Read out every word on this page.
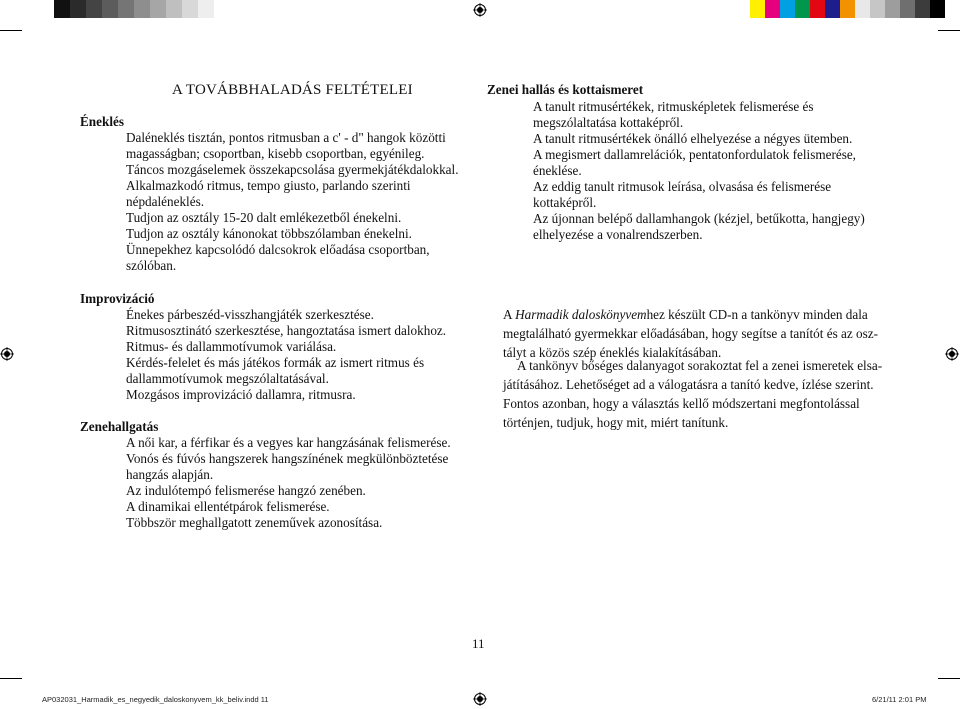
A TOVÁBBHALADÁS FELTÉTELEI
Éneklés
Daléneklés tisztán, pontos ritmusban a c' - d" hangok közötti
magasságban; csoportban, kisebb csoportban, egyénileg.
Táncos mozgáselemek összekapcsolása gyermekjátékdalokkal.
Alkalmazkodó ritmus, tempo giusto, parlando szerinti
népdaléneklés.
Tudjon az osztály 15-20 dalt emlékezetből énekelni.
Tudjon az osztály kánonokat többszólamban énekelni.
Ünnepekhez kapcsolódó dalcsokrok előadása csoportban,
szólóban.
Improvizáció
Énekes párbeszéd-visszhangjáték szerkesztése.
Ritmusosztinátó szerkesztése, hangoztatása ismert dalokhoz.
Ritmus- és dallammotívumok variálása.
Kérdés-felelet és más játékos formák az ismert ritmus és
dallammotívumok megszólaltatásával.
Mozgásos improvizáció dallamra, ritmusra.
Zenehallgatás
A női kar, a férfikar és a vegyes kar hangzásának felismerése.
Vonós és fúvós hangszerek hangszínének megkülönböztetése
hangzás alapján.
Az indulótempó felismerése hangzó zenében.
A dinamikai ellentétpárok felismerése.
Többször meghallgatott zeneművek azonosítása.
Zenei hallás és kottaismeret
A tanult ritmusértékek, ritmusképletek felismerése és
megszólaltatása kottaképről.
A tanult ritmusértékek önálló elhelyezése a négyes ütemben.
A megismert dallamrelációk, pentatonfordulatok felismerése,
éneklése.
Az eddig tanult ritmusok leírása, olvasása és felismerése
kottaképről.
Az újonnan belépő dallamhangok (kézjel, betűkotta, hangjegy)
elhelyezése a vonalrendszerben.
A Harmadik daloskönyvemhez készült CD-n a tankönyv minden dala
megtalálható gyermekkar előadásában, hogy segítse a tanítót és az osz-
tályt a közös szép éneklés kialakításában.
A tankönyv bőséges dalanyagot sorakoztat fel a zenei ismeretek elsa-
játításához. Lehetőséget ad a válogatásra a tanító kedve, ízlése szerint.
Fontos azonban, hogy a választás kellő módszertani megfontolással
történjen, tudjuk, hogy mit, miért tanítunk.
11
AP032031_Harmadik_es_negyedik_daloskonyvem_kk_beliv.indd 11	6/21/11 2:01 PM
